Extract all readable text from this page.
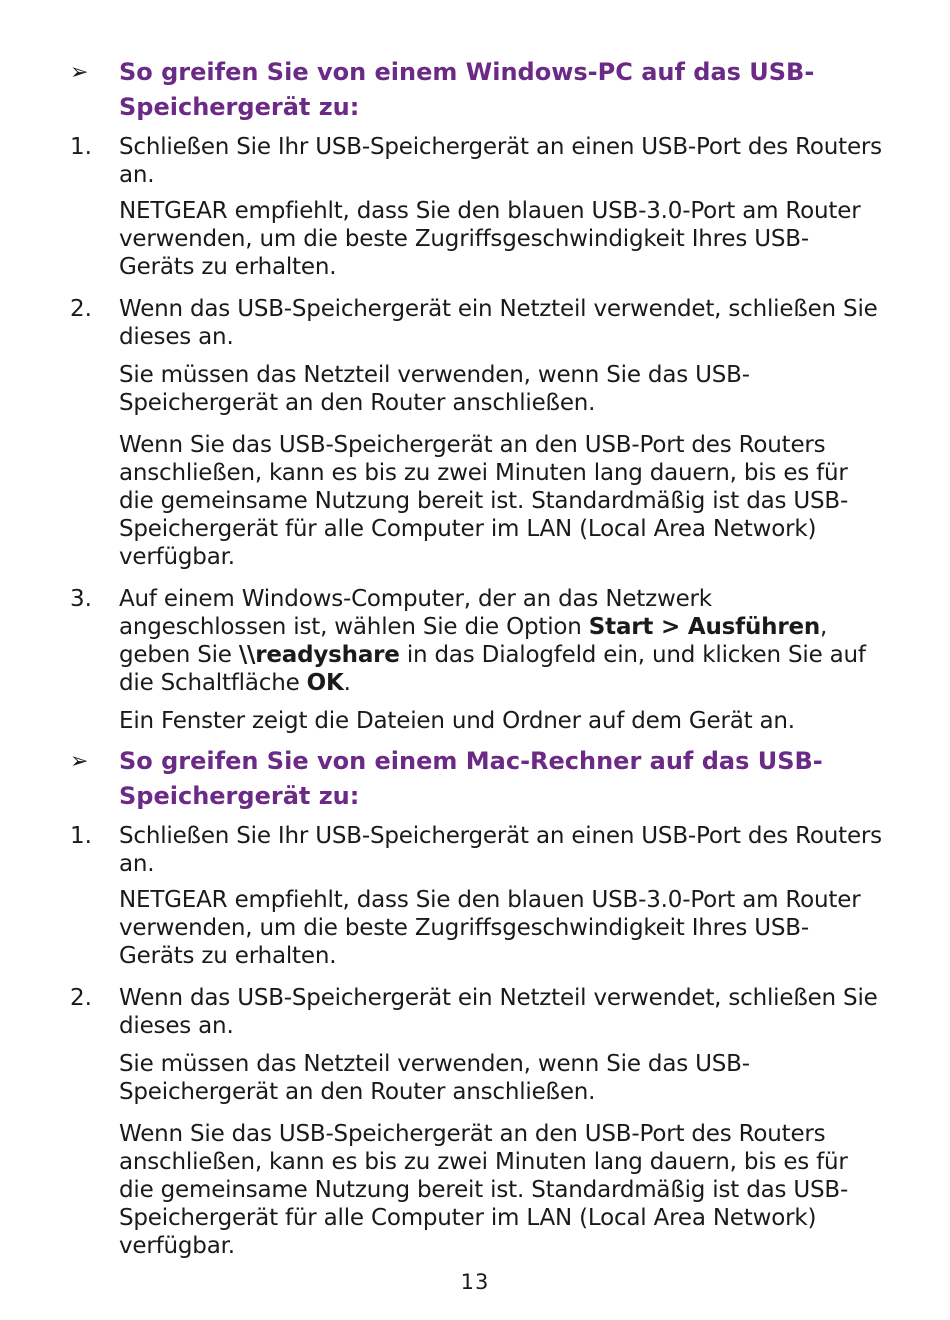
➢	So greifen Sie von einem Windows-PC auf das USB-Speichergerät zu:
1.	Schließen Sie Ihr USB-Speichergerät an einen USB-Port des Routers an.

NETGEAR empfiehlt, dass Sie den blauen USB-3.0-Port am Router verwenden, um die beste Zugriffsgeschwindigkeit Ihres USB-Geräts zu erhalten.

2.	Wenn das USB-Speichergerät ein Netzteil verwendet, schließen Sie dieses an.

Sie müssen das Netzteil verwenden, wenn Sie das USB-Speichergerät an den Router anschließen.

Wenn Sie das USB-Speichergerät an den USB-Port des Routers anschließen, kann es bis zu zwei Minuten lang dauern, bis es für die gemeinsame Nutzung bereit ist. Standardmäßig ist das USB-Speichergerät für alle Computer im LAN (Local Area Network) verfügbar.

3.	Auf einem Windows-Computer, der an das Netzwerk angeschlossen ist, wählen Sie die Option Start > Ausführen, geben Sie \\readyshare in das Dialogfeld ein, und klicken Sie auf die Schaltfläche OK.

Ein Fenster zeigt die Dateien und Ordner auf dem Gerät an.

➢	So greifen Sie von einem Mac-Rechner auf das USB-Speichergerät zu:
1.	Schließen Sie Ihr USB-Speichergerät an einen USB-Port des Routers an.

NETGEAR empfiehlt, dass Sie den blauen USB-3.0-Port am Router verwenden, um die beste Zugriffsgeschwindigkeit Ihres USB-Geräts zu erhalten.

2.	Wenn das USB-Speichergerät ein Netzteil verwendet, schließen Sie dieses an.

Sie müssen das Netzteil verwenden, wenn Sie das USB-Speichergerät an den Router anschließen.

Wenn Sie das USB-Speichergerät an den USB-Port des Routers anschließen, kann es bis zu zwei Minuten lang dauern, bis es für die gemeinsame Nutzung bereit ist. Standardmäßig ist das USB-Speichergerät für alle Computer im LAN (Local Area Network) verfügbar.

13
